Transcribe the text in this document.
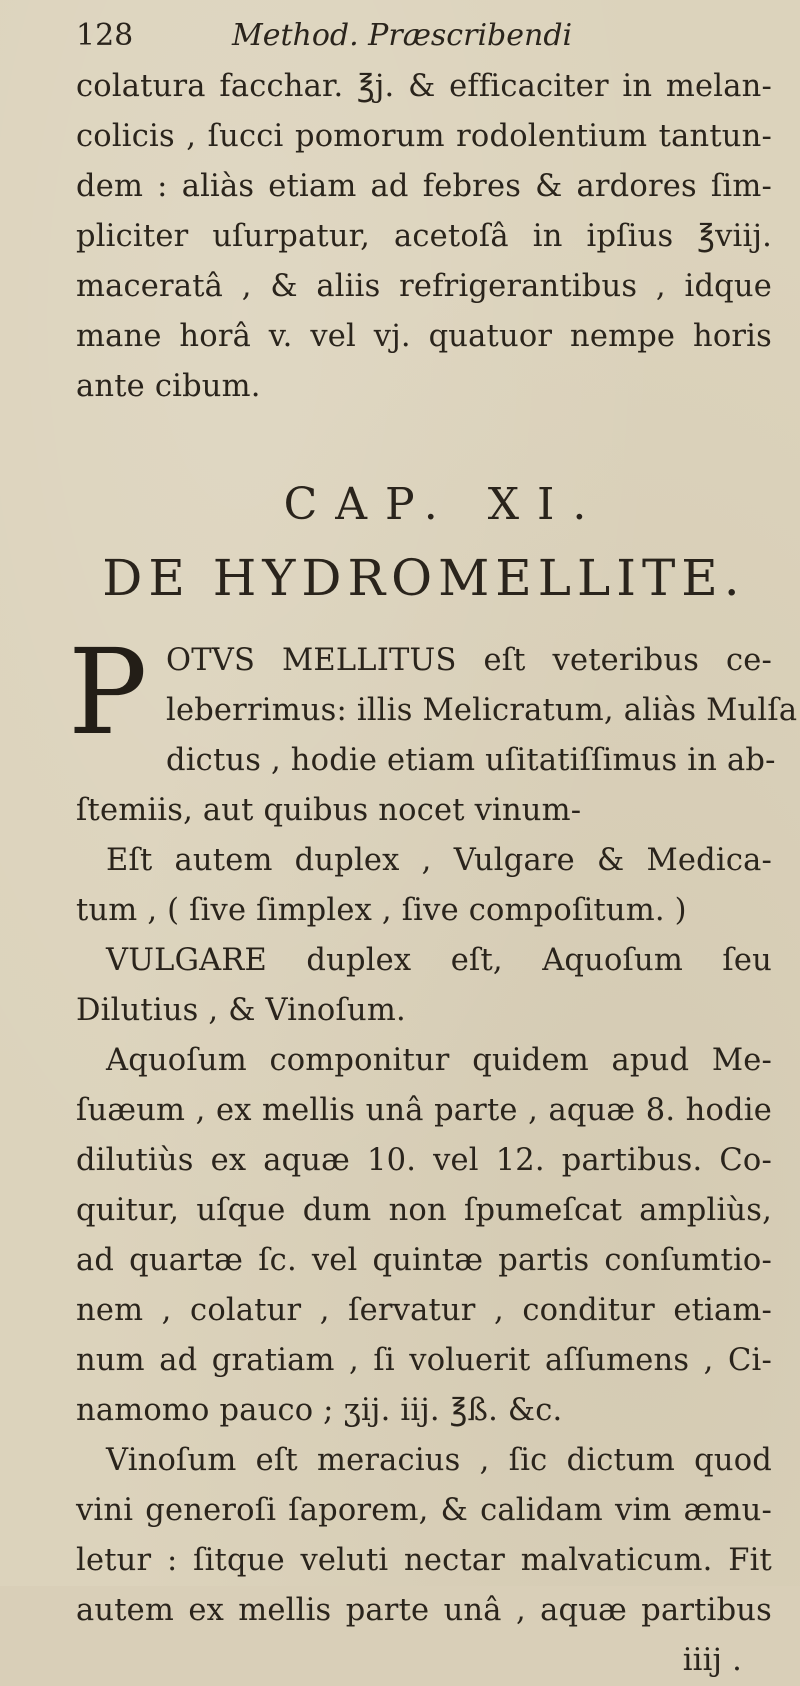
128	Method. Præscribendi
colatura facchar. ℥j. & efficaciter in melan-
colicis , ſucci pomorum rodolentium tantun-
dem : aliàs etiam ad febres & ardores ſim-
pliciter uſurpatur, acetoſâ in ipſius ℥viij.
maceratâ , & aliis refrigerantibus , idque
mane horâ v. vel vj. quatuor nempe horis
ante cibum.
CAP. XI.
DE HYDROMELLITE.
P OTVS MELLITUS eſt veteribus ce-
leberrimus: illis Melicratum, aliàs Mulſa
dictus , hodie etiam uſitatiſſimus in ab-
ſtemiis, aut quibus nocet vinum-
Eſt autem duplex , Vulgare & Medica-
tum , ( ſive ſimplex , ſive compoſitum. )
VULGARE duplex eſt, Aquoſum ſeu
Dilutius , & Vinoſum.
Aquoſum componitur quidem apud Me-
ſuæum , ex mellis unâ parte , aquæ 8. hodie
dilutiùs ex aquæ 10. vel 12. partibus. Co-
quitur, uſque dum non ſpumeſcat ampliùs,
ad quartæ ſc. vel quintæ partis conſumtio-
nem , colatur , ſervatur , conditur etiam-
num ad gratiam , ſi voluerit aſſumens , Ci-
namomo pauco ; ʒij. iij. ℥ß. &c.
Vinoſum eſt meracius , ſic dictum quod
vini generoſi ſaporem, & calidam vim æmu-
letur : ſitque veluti nectar malvaticum. Fit
autem ex mellis parte unâ , aquæ partibus
iiij .
